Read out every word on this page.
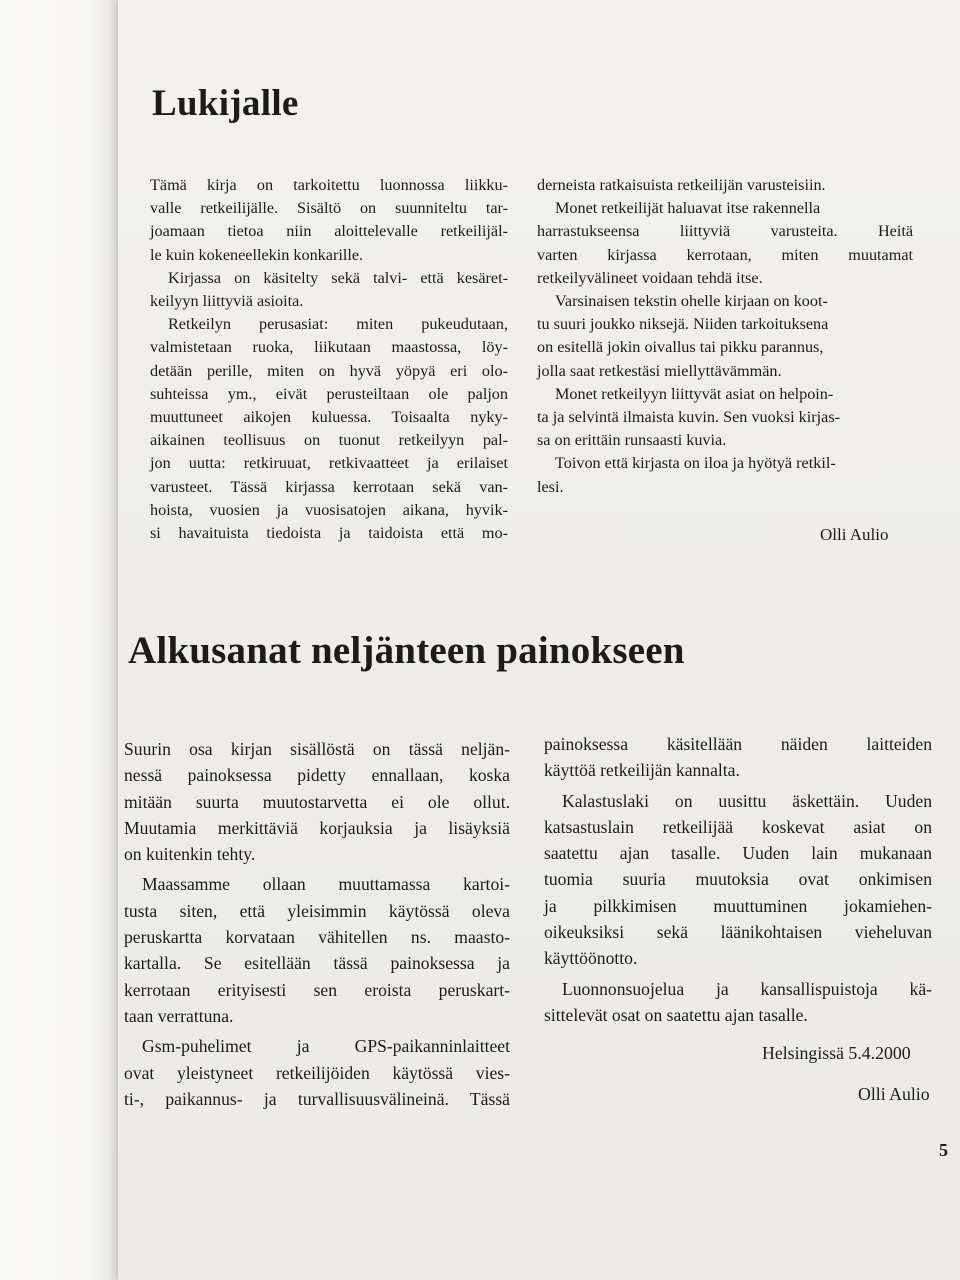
Lukijalle
Tämä kirja on tarkoitettu luonnossa liikku-
valle retkeilijälle. Sisältö on suunniteltu tar-
joamaan tietoa niin aloittelevalle retkeilijäl-
le kuin kokeneellekin konkarille.
Kirjassa on käsitelty sekä talvi- että kesäret-
keilyyn liittyviä asioita.
Retkeilyn perusasiat: miten pukeudutaan,
valmistetaan ruoka, liikutaan maastossa, löy-
detään perille, miten on hyvä yöpyä eri olo-
suhteissa ym., eivät perusteiltaan ole paljon
muuttuneet aikojen kuluessa. Toisaalta nyky-
aikainen teollisuus on tuonut retkeilyyn pal-
jon uutta: retkiruuat, retkivaatteet ja erilaiset
varusteet. Tässä kirjassa kerrotaan sekä van-
hoista, vuosien ja vuosisatojen aikana, hyvik-
si havaituista tiedoista ja taidoista että mo-
derneista ratkaisuista retkeilijän varusteisiin.
Monet retkeilijät haluavat itse rakennella
harrastukseensa liittyviä varusteita. Heitä
varten kirjassa kerrotaan, miten muutamat
retkeilyvälineet voidaan tehdä itse.
Varsinaisen tekstin ohelle kirjaan on koot-
tu suuri joukko niksejä. Niiden tarkoituksena
on esitellä jokin oivallus tai pikku parannus,
jolla saat retkestäsi miellyttävämmän.
Monet retkeilyyn liittyvät asiat on helpoin-
ta ja selvintä ilmaista kuvin. Sen vuoksi kirjas-
sa on erittäin runsaasti kuvia.
Toivon että kirjasta on iloa ja hyötyä retkil-
lesi.
Olli Aulio
Alkusanat neljänteen painokseen
Suurin osa kirjan sisällöstä on tässä neljän-
nessä painoksessa pidetty ennallaan, koska
mitään suurta muutostarvetta ei ole ollut.
Muutamia merkittäviä korjauksia ja lisäyksiä
on kuitenkin tehty.
Maassamme ollaan muuttamassa kartoi-
tusta siten, että yleisimmin käytössä oleva
peruskartta korvataan vähitellen ns. maasto-
kartalla. Se esitellään tässä painoksessa ja
kerrotaan erityisesti sen eroista peruskart-
taan verrattuna.
Gsm-puhelimet ja GPS-paikanninlaitteet
ovat yleistyneet retkeilijöiden käytössä vies-
ti-, paikannus- ja turvallisuusvälineinä. Tässä
painoksessa käsitellään näiden laitteiden
käyttöä retkeilijän kannalta.
Kalastuslaki on uusittu äskettäin. Uuden
katsastuslain retkeilijää koskevat asiat on
saatettu ajan tasalle. Uuden lain mukanaan
tuomia suuria muutoksia ovat onkimisen
ja pilkkimisen muuttuminen jokamiehen-
oikeuksiksi sekä läänikohtaisen vieheluvan
käyttöönotto.
Luonnonsuojelua ja kansallispuistoja kä-
sittelevät osat on saatettu ajan tasalle.
Helsingissä 5.4.2000
Olli Aulio
5
